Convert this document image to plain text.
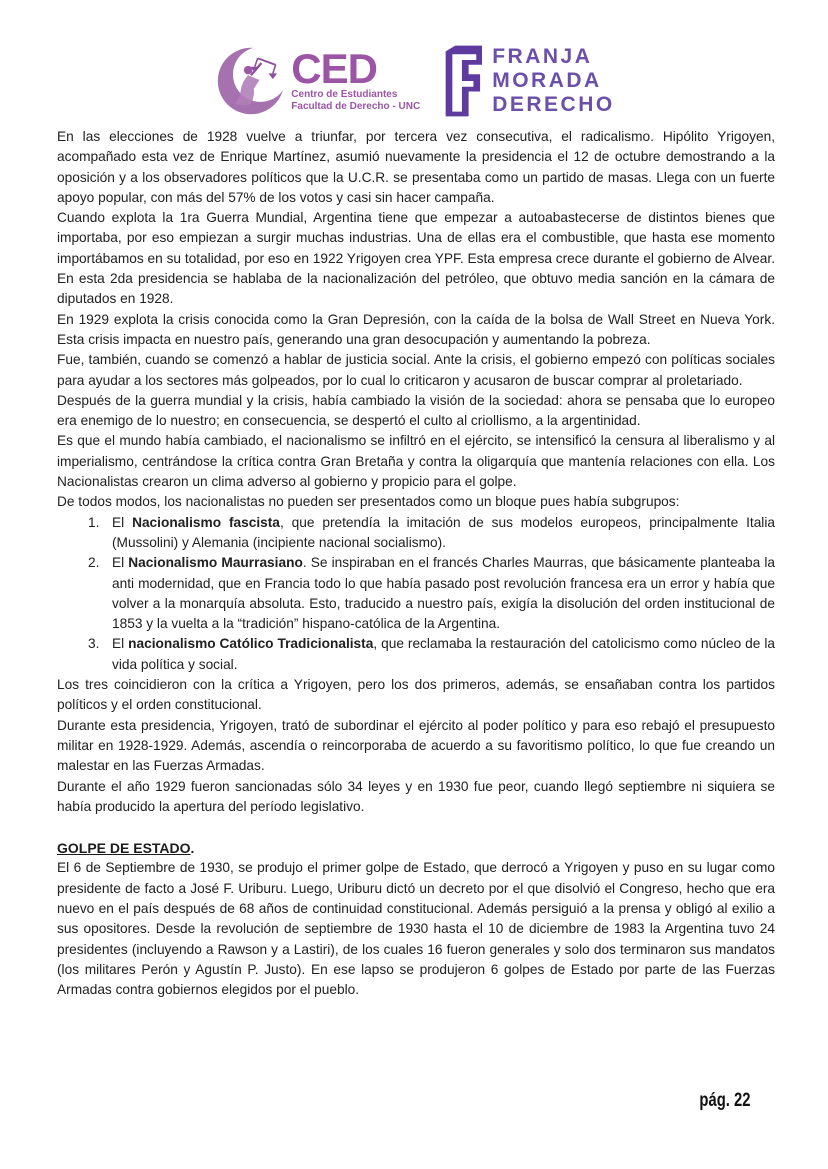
CED
Centro de Estudiantes
Facultad de Derecho - UNC
FRANJA
MORADA
DERECHO

En las elecciones de 1928 vuelve a triunfar, por tercera vez consecutiva, el radicalismo. Hipólito Yrigoyen, acompañado esta vez de Enrique Martínez, asumió nuevamente la presidencia el 12 de octubre demostrando a la oposición y a los observadores políticos que la U.C.R. se presentaba como un partido de masas. Llega con un fuerte apoyo popular, con más del 57% de los votos y casi sin hacer campaña.

Cuando explota la 1ra Guerra Mundial, Argentina tiene que empezar a autoabastecerse de distintos bienes que importaba, por eso empiezan a surgir muchas industrias. Una de ellas era el combustible, que hasta ese momento importábamos en su totalidad, por eso en 1922 Yrigoyen crea YPF. Esta empresa crece durante el gobierno de Alvear. En esta 2da presidencia se hablaba de la nacionalización del petróleo, que obtuvo media sanción en la cámara de diputados en 1928.

En 1929 explota la crisis conocida como la Gran Depresión, con la caída de la bolsa de Wall Street en Nueva York. Esta crisis impacta en nuestro país, generando una gran desocupación y aumentando la pobreza.

Fue, también, cuando se comenzó a hablar de justicia social. Ante la crisis, el gobierno empezó con políticas sociales para ayudar a los sectores más golpeados, por lo cual lo criticaron y acusaron de buscar comprar al proletariado.

Después de la guerra mundial y la crisis, había cambiado la visión de la sociedad: ahora se pensaba que lo europeo era enemigo de lo nuestro; en consecuencia, se despertó el culto al criollismo, a la argentinidad.

Es que el mundo había cambiado, el nacionalismo se infiltró en el ejército, se intensificó la censura al liberalismo y al imperialismo, centrándose la crítica contra Gran Bretaña y contra la oligarquía que mantenía relaciones con ella. Los Nacionalistas crearon un clima adverso al gobierno y propicio para el golpe.

De todos modos, los nacionalistas no pueden ser presentados como un bloque pues había subgrupos:

1. El Nacionalismo fascista, que pretendía la imitación de sus modelos europeos, principalmente Italia (Mussolini) y Alemania (incipiente nacional socialismo).
2. El Nacionalismo Maurrasiano. Se inspiraban en el francés Charles Maurras, que básicamente planteaba la anti modernidad, que en Francia todo lo que había pasado post revolución francesa era un error y había que volver a la monarquía absoluta. Esto, traducido a nuestro país, exigía la disolución del orden institucional de 1853 y la vuelta a la “tradición” hispano-católica de la Argentina.
3. El nacionalismo Católico Tradicionalista, que reclamaba la restauración del catolicismo como núcleo de la vida política y social.

Los tres coincidieron con la crítica a Yrigoyen, pero los dos primeros, además, se ensañaban contra los partidos políticos y el orden constitucional.

Durante esta presidencia, Yrigoyen, trató de subordinar el ejército al poder político y para eso rebajó el presupuesto militar en 1928-1929. Además, ascendía o reincorporaba de acuerdo a su favoritismo político, lo que fue creando un malestar en las Fuerzas Armadas.

Durante el año 1929 fueron sancionadas sólo 34 leyes y en 1930 fue peor, cuando llegó septiembre ni siquiera se había producido la apertura del período legislativo.

GOLPE DE ESTADO.

El 6 de Septiembre de 1930, se produjo el primer golpe de Estado, que derrocó a Yrigoyen y puso en su lugar como presidente de facto a José F. Uriburu. Luego, Uriburu dictó un decreto por el que disolvió el Congreso, hecho que era nuevo en el país después de 68 años de continuidad constitucional. Además persiguió a la prensa y obligó al exilio a sus opositores. Desde la revolución de septiembre de 1930 hasta el 10 de diciembre de 1983 la Argentina tuvo 24 presidentes (incluyendo a Rawson y a Lastiri), de los cuales 16 fueron generales y solo dos terminaron sus mandatos (los militares Perón y Agustín P. Justo). En ese lapso se produjeron 6 golpes de Estado por parte de las Fuerzas Armadas contra gobiernos elegidos por el pueblo.

pág. 22
